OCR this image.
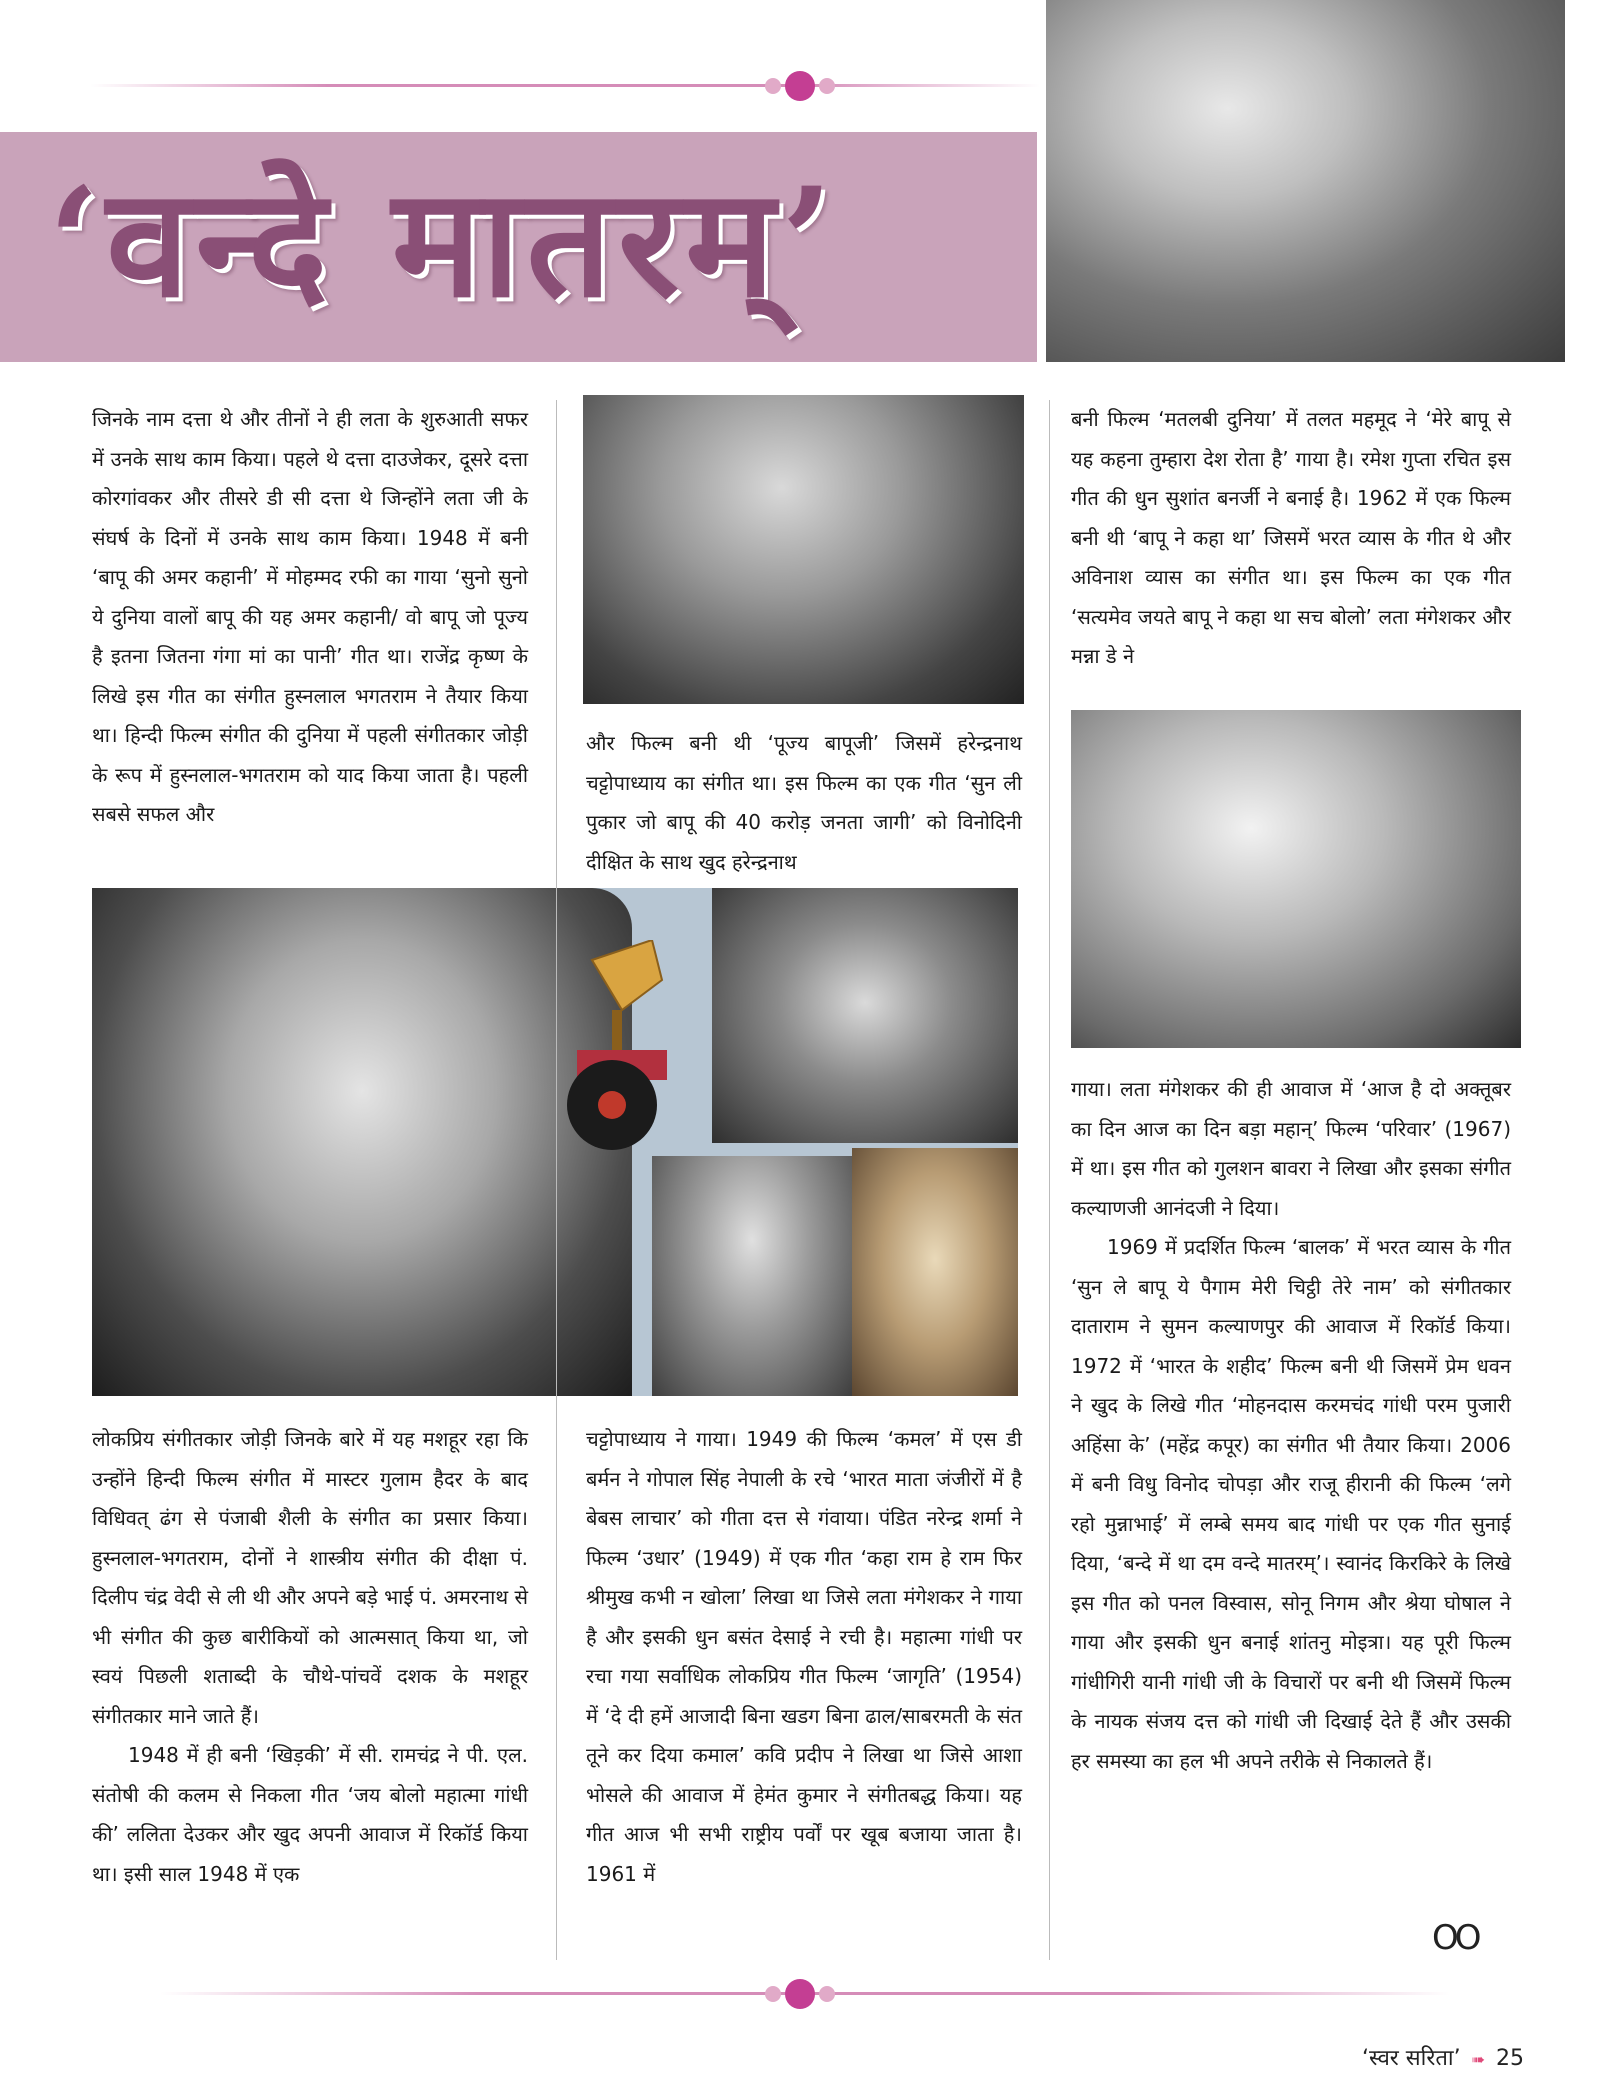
‘वन्दे मातरम्’

जिनके नाम दत्ता थे और तीनों ने ही लता के शुरुआती सफर में उनके साथ काम किया। पहले थे दत्ता दाउजेकर, दूसरे दत्ता कोरगांवकर और तीसरे डी सी दत्ता थे जिन्होंने लता जी के संघर्ष के दिनों में उनके साथ काम किया। 1948 में बनी ‘बापू की अमर कहानी’ में मोहम्मद रफी का गाया ‘सुनो सुनो ये दुनिया वालों बापू की यह अमर कहानी/ वो बापू जो पूज्य है इतना जितना गंगा मां का पानी’ गीत था। राजेंद्र कृष्ण के लिखे इस गीत का संगीत हुस्नलाल भगतराम ने तैयार किया था। हिन्दी फिल्म संगीत की दुनिया में पहली संगीतकार जोड़ी के रूप में हुस्नलाल-भगतराम को याद किया जाता है। पहली सबसे सफल और

लोकप्रिय संगीतकार जोड़ी जिनके बारे में यह मशहूर रहा कि उन्होंने हिन्दी फिल्म संगीत में मास्टर गुलाम हैदर के बाद विधिवत् ढंग से पंजाबी शैली के संगीत का प्रसार किया। हुस्नलाल-भगतराम, दोनों ने शास्त्रीय संगीत की दीक्षा पं. दिलीप चंद्र वेदी से ली थी और अपने बड़े भाई पं. अमरनाथ से भी संगीत की कुछ बारीकियों को आत्मसात् किया था, जो स्वयं पिछली शताब्दी के चौथे-पांचवें दशक के मशहूर संगीतकार माने जाते हैं।

1948 में ही बनी ‘खिड़की’ में सी. रामचंद्र ने पी. एल. संतोषी की कलम से निकला गीत ‘जय बोलो महात्मा गांधी की’ ललिता देउकर और खुद अपनी आवाज में रिकॉर्ड किया था। इसी साल 1948 में एक

और फिल्म बनी थी ‘पूज्य बापूजी’ जिसमें हरेन्द्रनाथ चट्टोपाध्याय का संगीत था। इस फिल्म का एक गीत ‘सुन ली पुकार जो बापू की 40 करोड़ जनता जागी’ को विनोदिनी दीक्षित के साथ खुद हरेन्द्रनाथ

चट्टोपाध्याय ने गाया। 1949 की फिल्म ‘कमल’ में एस डी बर्मन ने गोपाल सिंह नेपाली के रचे ‘भारत माता जंजीरों में है बेबस लाचार’ को गीता दत्त से गंवाया। पंडित नरेन्द्र शर्मा ने फिल्म ‘उधार’ (1949) में एक गीत ‘कहा राम हे राम फिर श्रीमुख कभी न खोला’ लिखा था जिसे लता मंगेशकर ने गाया है और इसकी धुन बसंत देसाई ने रची है। महात्मा गांधी पर रचा गया सर्वाधिक लोकप्रिय गीत फिल्म ‘जागृति’ (1954) में ‘दे दी हमें आजादी बिना खडग बिना ढाल/साबरमती के संत तूने कर दिया कमाल’ कवि प्रदीप ने लिखा था जिसे आशा भोसले की आवाज में हेमंत कुमार ने संगीतबद्ध किया। यह गीत आज भी सभी राष्ट्रीय पर्वों पर खूब बजाया जाता है। 1961 में

बनी फिल्म ‘मतलबी दुनिया’ में तलत महमूद ने ‘मेरे बापू से यह कहना तुम्हारा देश रोता है’ गाया है। रमेश गुप्ता रचित इस गीत की धुन सुशांत बनर्जी ने बनाई है। 1962 में एक फिल्म बनी थी ‘बापू ने कहा था’ जिसमें भरत व्यास के गीत थे और अविनाश व्यास का संगीत था। इस फिल्म का एक गीत ‘सत्यमेव जयते बापू ने कहा था सच बोलो’ लता मंगेशकर और मन्ना डे ने

गाया। लता मंगेशकर की ही आवाज में ‘आज है दो अक्तूबर का दिन आज का दिन बड़ा महान्’ फिल्म ‘परिवार’ (1967) में था। इस गीत को गुलशन बावरा ने लिखा और इसका संगीत कल्याणजी आनंदजी ने दिया।

1969 में प्रदर्शित फिल्म ‘बालक’ में भरत व्यास के गीत ‘सुन ले बापू ये पैगाम मेरी चिट्ठी तेरे नाम’ को संगीतकार दाताराम ने सुमन कल्याणपुर की आवाज में रिकॉर्ड किया। 1972 में ‘भारत के शहीद’ फिल्म बनी थी जिसमें प्रेम धवन ने खुद के लिखे गीत ‘मोहनदास करमचंद गांधी परम पुजारी अहिंसा के’ (महेंद्र कपूर) का संगीत भी तैयार किया। 2006 में बनी विधु विनोद चोपड़ा और राजू हीरानी की फिल्म ‘लगे रहो मुन्नाभाई’ में लम्बे समय बाद गांधी पर एक गीत सुनाई दिया, ‘बन्दे में था दम वन्दे मातरम्’। स्वानंद किरकिरे के लिखे इस गीत को पनल विस्वास, सोनू निगम और श्रेया घोषाल ने गाया और इसकी धुन बनाई शांतनु मोइत्रा। यह पूरी फिल्म गांधीगिरी यानी गांधी जी के विचारों पर बनी थी जिसमें फिल्म के नायक संजय दत्त को गांधी जी दिखाई देते हैं और उसकी हर समस्या का हल भी अपने तरीके से निकालते हैं।

OO
‘स्वर सरिता’ ➠ 25
